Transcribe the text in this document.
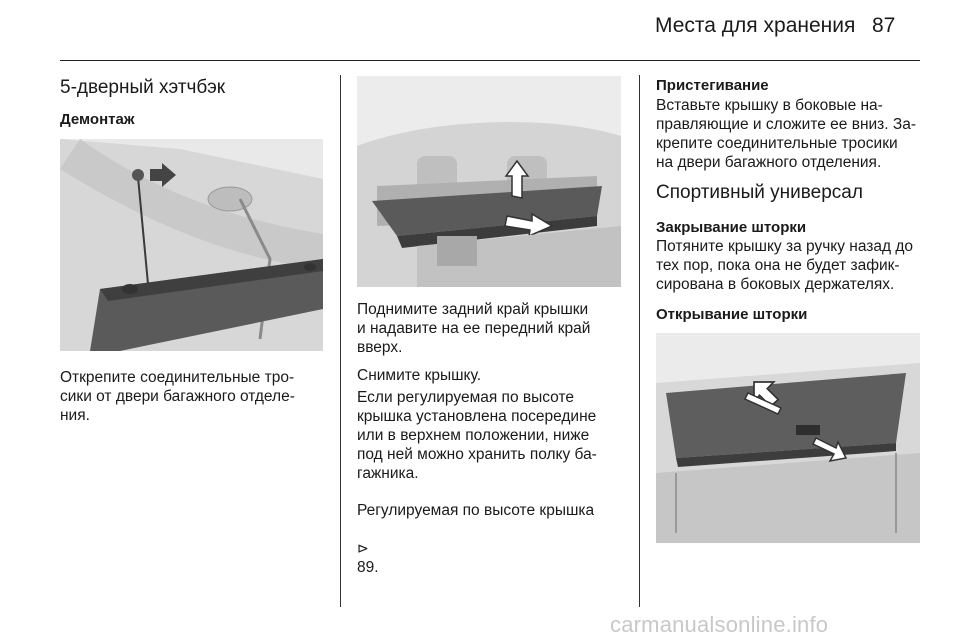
Места для хранения 87
5-дверный хэтчбэк
Демонтаж
Открепите соединительные тро-
сики от двери багажного отделе-
ния.
Поднимите задний край крышки
и надавите на ее передний край
вверх.
Снимите крышку.
Если регулируемая по высоте
крышка установлена посередине
или в верхнем положении, ниже
под ней можно хранить полку ба-
гажника.

Регулируемая по высоте крышка

⊳
89.

Пристегивание
Вставьте крышку в боковые на-
правляющие и сложите ее вниз. За-
крепите соединительные тросики
на двери багажного отделения.
Спортивный универсал
Закрывание шторки
Потяните крышку за ручку назад до
тех пор, пока она не будет зафик-
сирована в боковых держателях.
Открывание шторки
carmanualsonline.info
